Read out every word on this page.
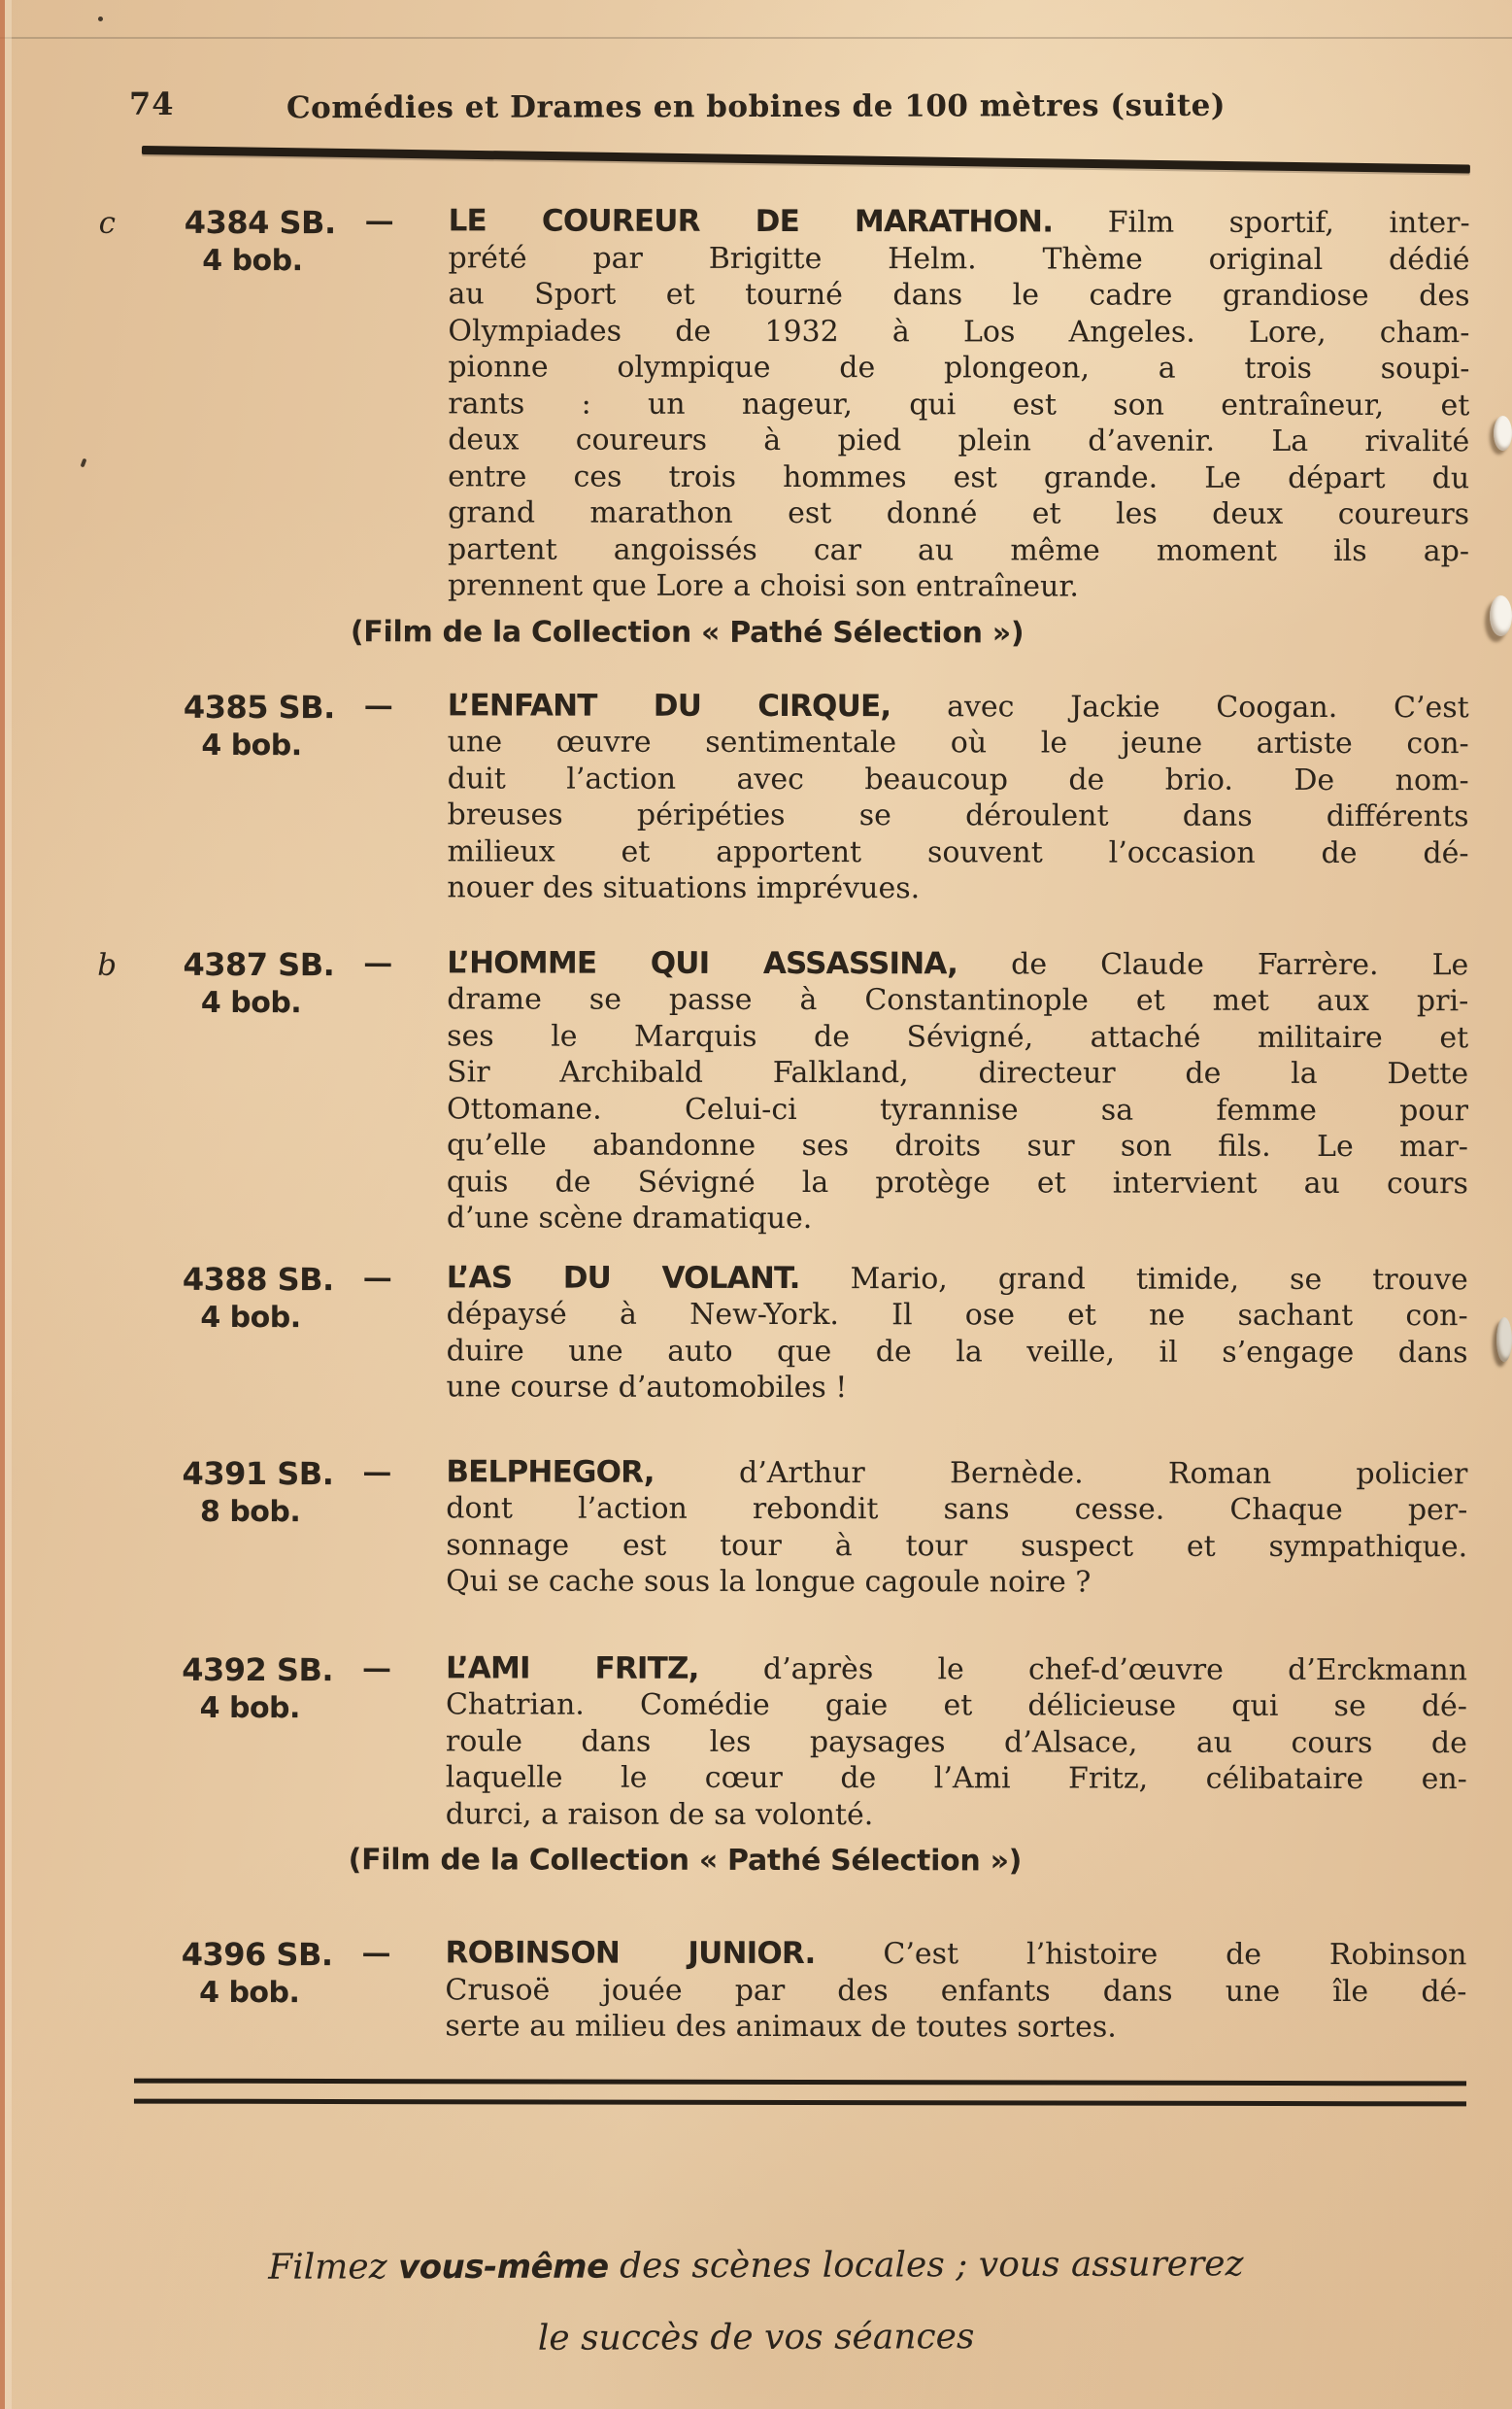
74	Comédies et Drames en bobines de 100 mètres (suite)
c	4384 SB.
4 bob.
—	LE COUREUR DE MARATHON. Film sportif, inter-
prété par Brigitte Helm. Thème original dédié
au Sport et tourné dans le cadre grandiose des
Olympiades de 1932 à Los Angeles. Lore, cham-
pionne olympique de plongeon, a trois soupi-
rants : un nageur, qui est son entraîneur, et
deux coureurs à pied plein d’avenir. La rivalité
entre ces trois hommes est grande. Le départ du
grand marathon est donné et les deux coureurs
partent angoissés car au même moment ils ap-
prennent que Lore a choisi son entraîneur.
(Film de la Collection « Pathé Sélection »)
4385 SB.
4 bob.
—	L’ENFANT DU CIRQUE, avec Jackie Coogan. C’est
une œuvre sentimentale où le jeune artiste con-
duit l’action avec beaucoup de brio. De nom-
breuses péripéties se déroulent dans différents
milieux et apportent souvent l’occasion de dé-
nouer des situations imprévues.
b	4387 SB.
4 bob.
—	L’HOMME QUI ASSASSINA, de Claude Farrère. Le
drame se passe à Constantinople et met aux pri-
ses le Marquis de Sévigné, attaché militaire et
Sir Archibald Falkland, directeur de la Dette
Ottomane. Celui-ci tyrannise sa femme pour
qu’elle abandonne ses droits sur son fils. Le mar-
quis de Sévigné la protège et intervient au cours
d’une scène dramatique.
4388 SB.
4 bob.
—	L’AS DU VOLANT. Mario, grand timide, se trouve
dépaysé à New-York. Il ose et ne sachant con-
duire une auto que de la veille, il s’engage dans
une course d’automobiles !
4391 SB.
8 bob.
—	BELPHEGOR, d’Arthur Bernède. Roman policier
dont l’action rebondit sans cesse. Chaque per-
sonnage est tour à tour suspect et sympathique.
Qui se cache sous la longue cagoule noire ?
4392 SB.
4 bob.
—	L’AMI FRITZ, d’après le chef-d’œuvre d’Erckmann
Chatrian. Comédie gaie et délicieuse qui se dé-
roule dans les paysages d’Alsace, au cours de
laquelle le cœur de l’Ami Fritz, célibataire en-
durci, a raison de sa volonté.
(Film de la Collection « Pathé Sélection »)
4396 SB.
4 bob.
—	ROBINSON JUNIOR. C’est l’histoire de Robinson
Crusoë jouée par des enfants dans une île dé-
serte au milieu des animaux de toutes sortes.
Filmez vous-même des scènes locales ; vous assurerez
le succès de vos séances
